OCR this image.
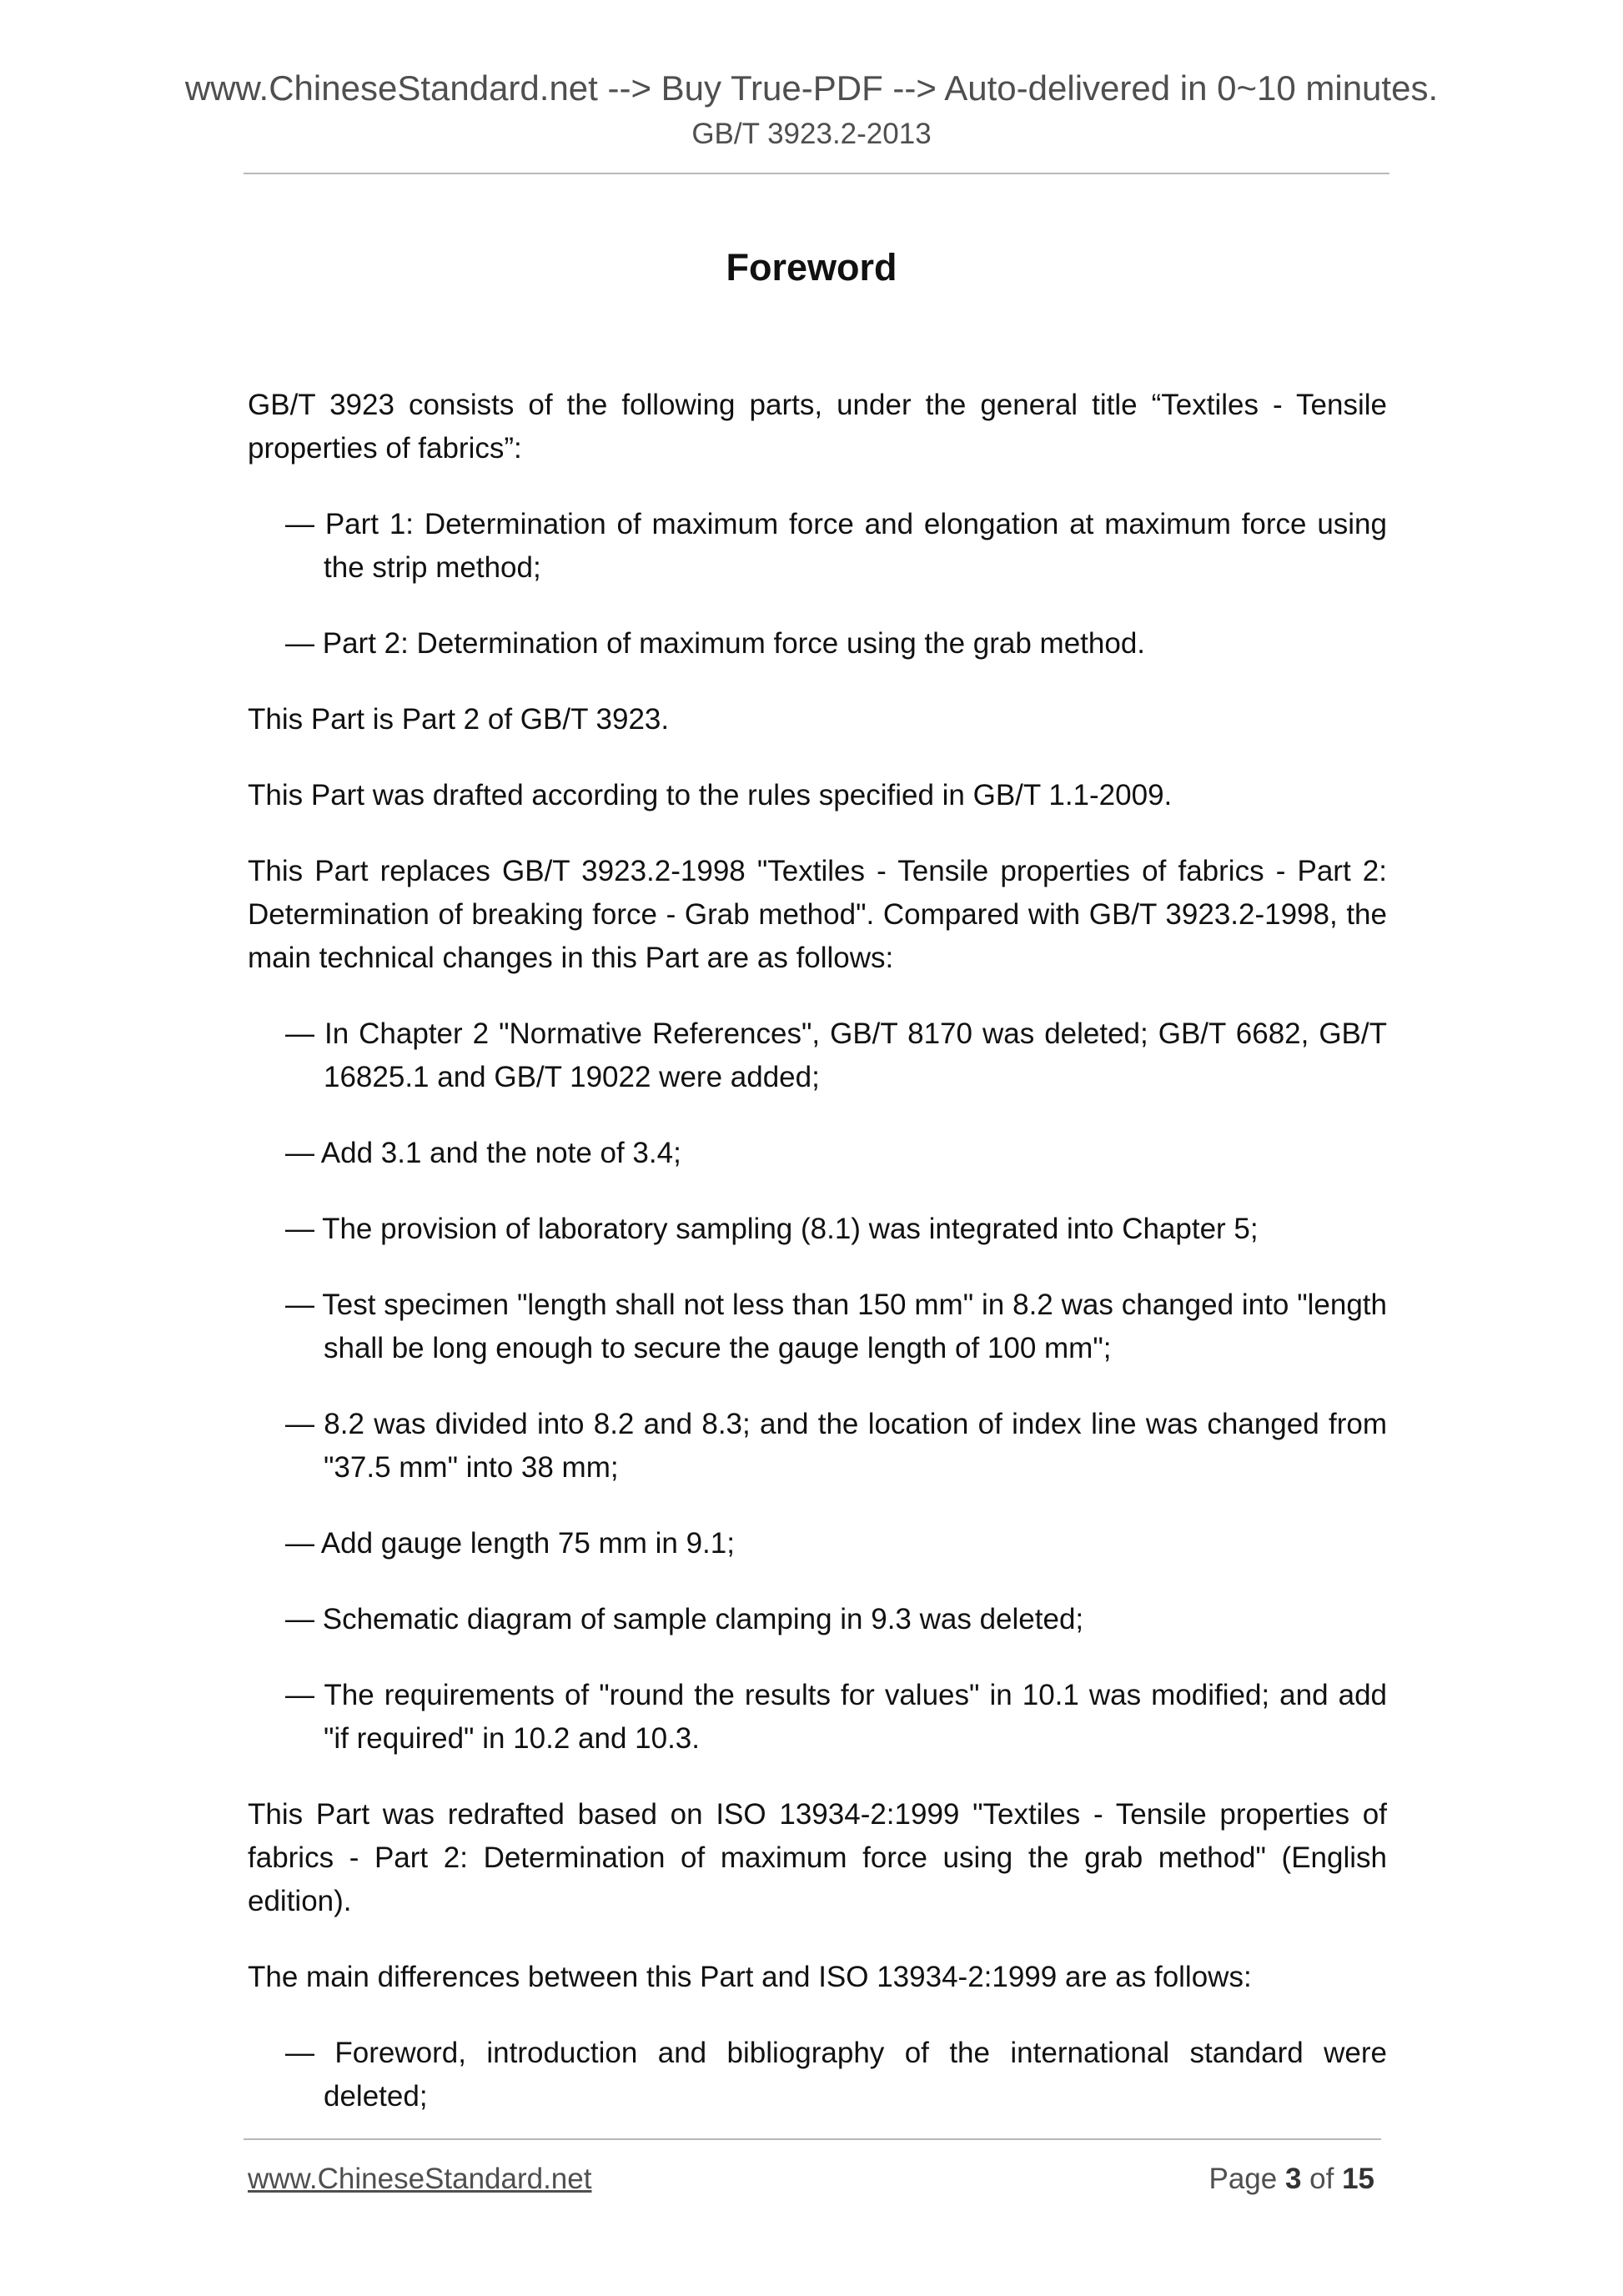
www.ChineseStandard.net --> Buy True-PDF --> Auto-delivered in 0~10 minutes.
GB/T 3923.2-2013
Foreword

GB/T 3923 consists of the following parts, under the general title “Textiles - Tensile properties of fabrics”:

— Part 1: Determination of maximum force and elongation at maximum force using the strip method;

— Part 2: Determination of maximum force using the grab method.

This Part is Part 2 of GB/T 3923.

This Part was drafted according to the rules specified in GB/T 1.1-2009.

This Part replaces GB/T 3923.2-1998 "Textiles - Tensile properties of fabrics - Part 2: Determination of breaking force - Grab method". Compared with GB/T 3923.2-1998, the main technical changes in this Part are as follows:

— In Chapter 2 "Normative References", GB/T 8170 was deleted; GB/T 6682, GB/T 16825.1 and GB/T 19022 were added;

— Add 3.1 and the note of 3.4;

— The provision of laboratory sampling (8.1) was integrated into Chapter 5;

— Test specimen "length shall not less than 150 mm" in 8.2 was changed into "length shall be long enough to secure the gauge length of 100 mm";

— 8.2 was divided into 8.2 and 8.3; and the location of index line was changed from "37.5 mm" into 38 mm;

— Add gauge length 75 mm in 9.1;

— Schematic diagram of sample clamping in 9.3 was deleted;

— The requirements of "round the results for values" in 10.1 was modified; and add "if required" in 10.2 and 10.3.

This Part was redrafted based on ISO 13934-2:1999 "Textiles - Tensile properties of fabrics - Part 2: Determination of maximum force using the grab method" (English edition).

The main differences between this Part and ISO 13934-2:1999 are as follows:

— Foreword, introduction and bibliography of the international standard were deleted;

www.ChineseStandard.net	Page 3 of 15
